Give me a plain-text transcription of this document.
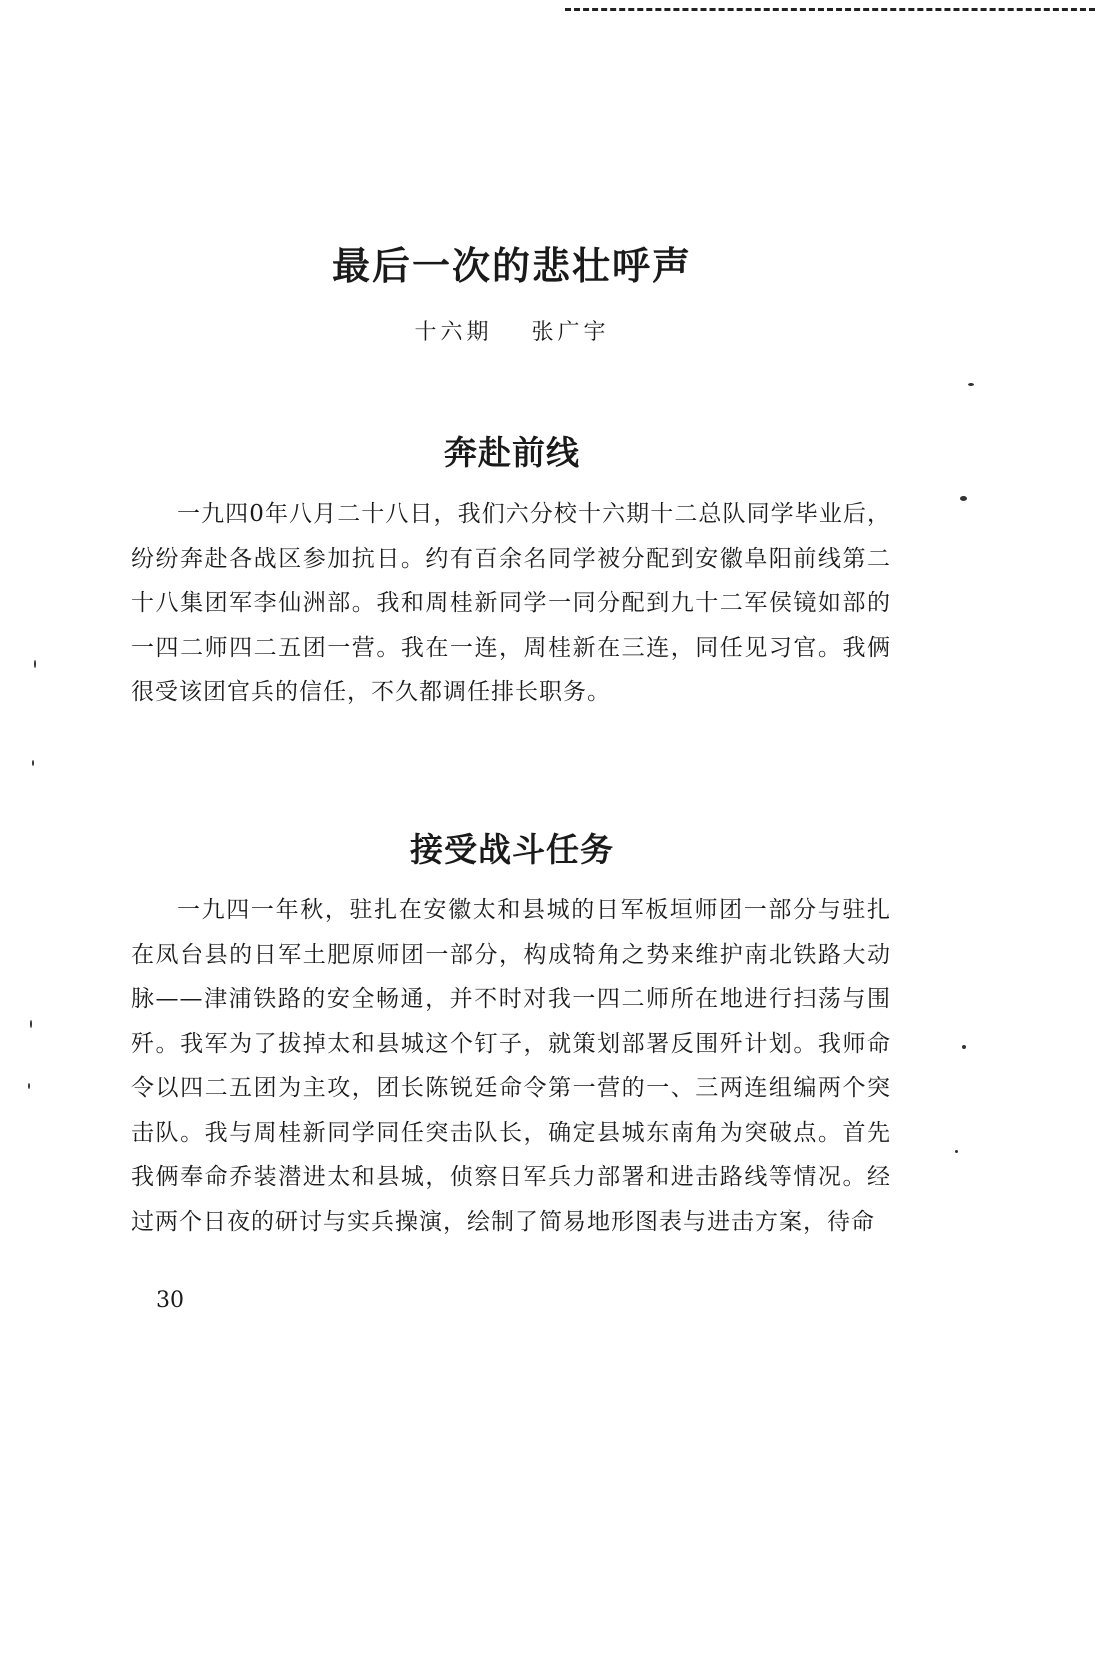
最后一次的悲壮呼声
十六期 张广宇
奔赴前线

一九四0年八月二十八日，我们六分校十六期十二总队同学毕业后，纷纷奔赴各战区参加抗日。约有百余名同学被分配到安徽阜阳前线第二十八集团军李仙洲部。我和周桂新同学一同分配到九十二军侯镜如部的一四二师四二五团一营。我在一连，周桂新在三连，同任见习官。我俩很受该团官兵的信任，不久都调任排长职务。

接受战斗任务

一九四一年秋，驻扎在安徽太和县城的日军板垣师团一部分与驻扎在凤台县的日军土肥原师团一部分，构成犄角之势来维护南北铁路大动脉——津浦铁路的安全畅通，并不时对我一四二师所在地进行扫荡与围歼。我军为了拔掉太和县城这个钉子，就策划部署反围歼计划。我师命令以四二五团为主攻，团长陈锐廷命令第一营的一、三两连组编两个突击队。我与周桂新同学同任突击队长，确定县城东南角为突破点。首先我俩奉命乔装潜进太和县城，侦察日军兵力部署和进击路线等情况。经过两个日夜的研讨与实兵操演，绘制了简易地形图表与进击方案，待命

30
